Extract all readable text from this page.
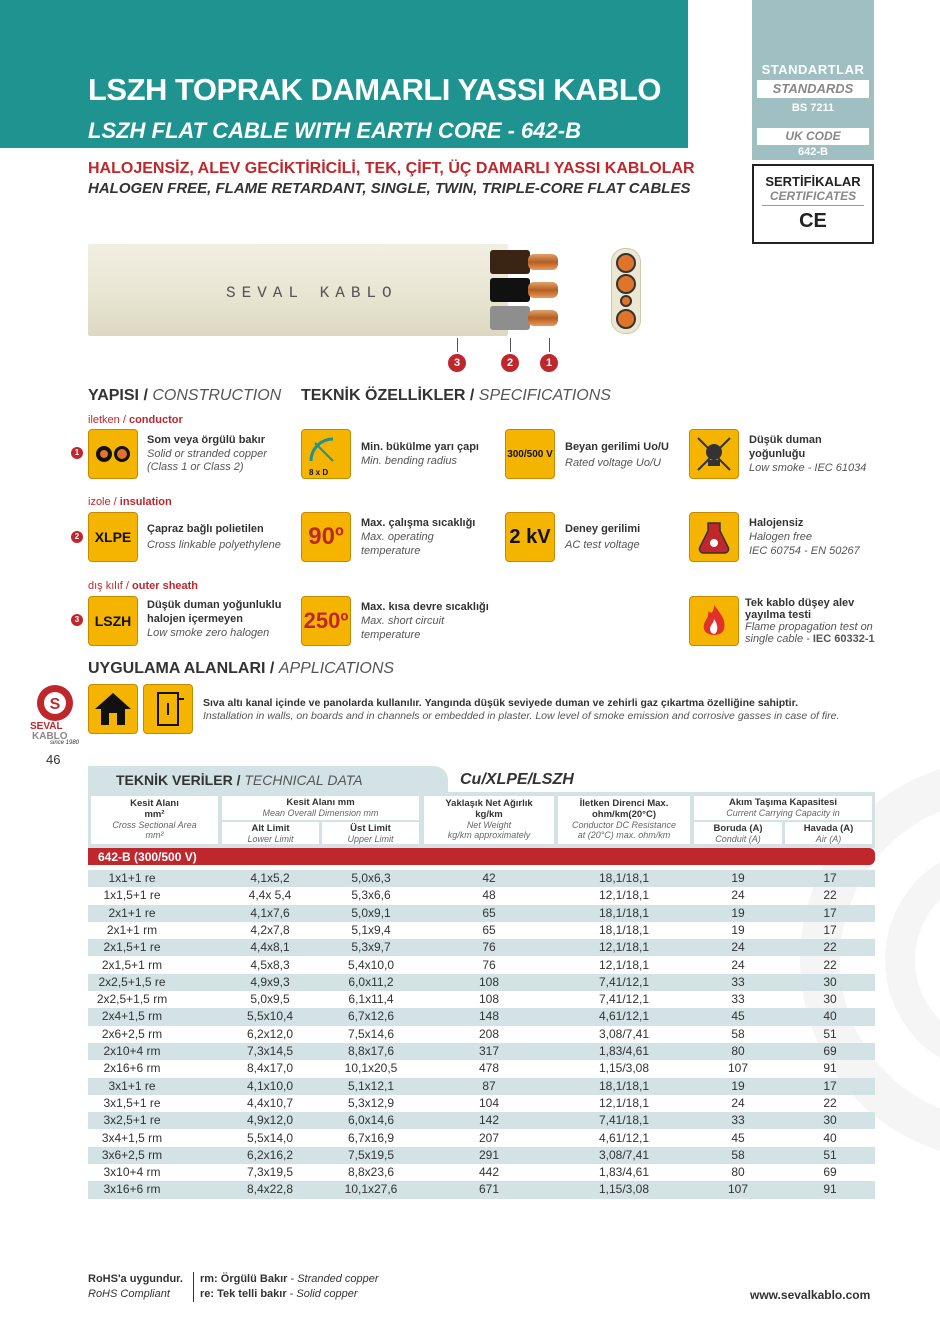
LSZH TOPRAK DAMARLI YASSI KABLO
LSZH FLAT CABLE WITH EARTH CORE - 642-B
STANDARTLAR
STANDARDS
BS 7211
UK CODE
642-B
SERTİFİKALAR
CERTIFICATES
CE
HALOJENSİZ, ALEV GECİKTİRİCİLİ, TEK, ÇİFT, ÜÇ DAMARLI YASSI KABLOLAR
HALOGEN FREE, FLAME RETARDANT, SINGLE, TWIN, TRIPLE-CORE FLAT CABLES
SEVAL KABLO
3	2	1
YAPISI / CONSTRUCTION TEKNİK ÖZELLİKLER / SPECIFICATIONS
iletken / conductor
1
Som veya örgülü bakır
Solid or stranded copper
(Class 1 or Class 2)
izole / insulation
2	XLPE	Çapraz bağlı polietilen
Cross linkable polyethylene
dış kılıf / outer sheath
3	LSZH
Düşük duman yoğunluklu
halojen içermeyen
Low smoke zero halogen
8 x D
Min. bükülme yarı çapı
Min. bending radius
300/500 V
Beyan gerilimi Uo/U
Rated voltage Uo/U
Düşük duman
yoğunluğu
Low smoke - IEC 61034
90º	Max. çalışma sıcaklığı
Max. operating
temperature
2 kV	Deney gerilimi
AC test voltage
Halojensiz
Halogen free
IEC 60754 - EN 50267
250º
Max. kısa devre sıcaklığı
Max. short circuit
temperature
Tek kablo düşey alev
yayılma testi
Flame propagation test on
single cable - IEC 60332-1
UYGULAMA ALANLARI / APPLICATIONS
Sıva altı kanal içinde ve panolarda kullanılır. Yangında düşük seviyede duman ve zehirli gaz çıkartma özelliğine sahiptir.
Installation in walls, on boards and in channels or embedded in plaster. Low level of smoke emission and corrosive gasses in case of fire.
S
SEVAL
KABLO
since 1980
46
TEKNİK VERİLER / TECHNICAL DATA	Cu/XLPE/LSZH
Kesit Alanı
mm²
Cross Sectional Area
mm²
Kesit Alanı mm
Mean Overall Dimension mm
Alt Limit
Lower Limit
Üst Limit
Upper Limit
Yaklaşık Net Ağırlık
kg/km
Net Weight
kg/km approximately
İletken Direnci Max.
ohm/km(20°C)
Conductor DC Resistance
at (20°C) max. ohm/km
Akım Taşıma Kapasitesi
Current Carrying Capacity in
Boruda (A)
Conduit (A)
Havada (A)
Air (A)
642-B (300/500 V)
1x1+1 re	4,1x5,2	5,0x6,3	42	18,1/18,1	19	17
1x1,5+1 re	4,4x 5,4	5,3x6,6	48	12,1/18,1	24	22
2x1+1 re	4,1x7,6	5,0x9,1	65	18,1/18,1	19	17
2x1+1 rm	4,2x7,8	5,1x9,4	65	18,1/18,1	19	17
2x1,5+1 re	4,4x8,1	5,3x9,7	76	12,1/18,1	24	22
2x1,5+1 rm	4,5x8,3	5,4x10,0	76	12,1/18,1	24	22
2x2,5+1,5 re	4,9x9,3	6,0x11,2	108	7,41/12,1	33	30
2x2,5+1,5 rm	5,0x9,5	6,1x11,4	108	7,41/12,1	33	30
2x4+1,5 rm	5,5x10,4	6,7x12,6	148	4,61/12,1	45	40
2x6+2,5 rm	6,2x12,0	7,5x14,6	208	3,08/7,41	58	51
2x10+4 rm	7,3x14,5	8,8x17,6	317	1,83/4,61	80	69
2x16+6 rm	8,4x17,0	10,1x20,5	478	1,15/3,08	107	91
3x1+1 re	4,1x10,0	5,1x12,1	87	18,1/18,1	19	17
3x1,5+1 re	4,4x10,7	5,3x12,9	104	12,1/18,1	24	22
3x2,5+1 re	4,9x12,0	6,0x14,6	142	7,41/18,1	33	30
3x4+1,5 rm	5,5x14,0	6,7x16,9	207	4,61/12,1	45	40
3x6+2,5 rm	6,2x16,2	7,5x19,5	291	3,08/7,41	58	51
3x10+4 rm	7,3x19,5	8,8x23,6	442	1,83/4,61	80	69
3x16+6 rm	8,4x22,8	10,1x27,6	671	1,15/3,08	107	91
RoHS'a uygundur.
RoHS Compliant
rm: Örgülü Bakır - Stranded copper
re: Tek telli bakır - Solid copper	www.sevalkablo.com
